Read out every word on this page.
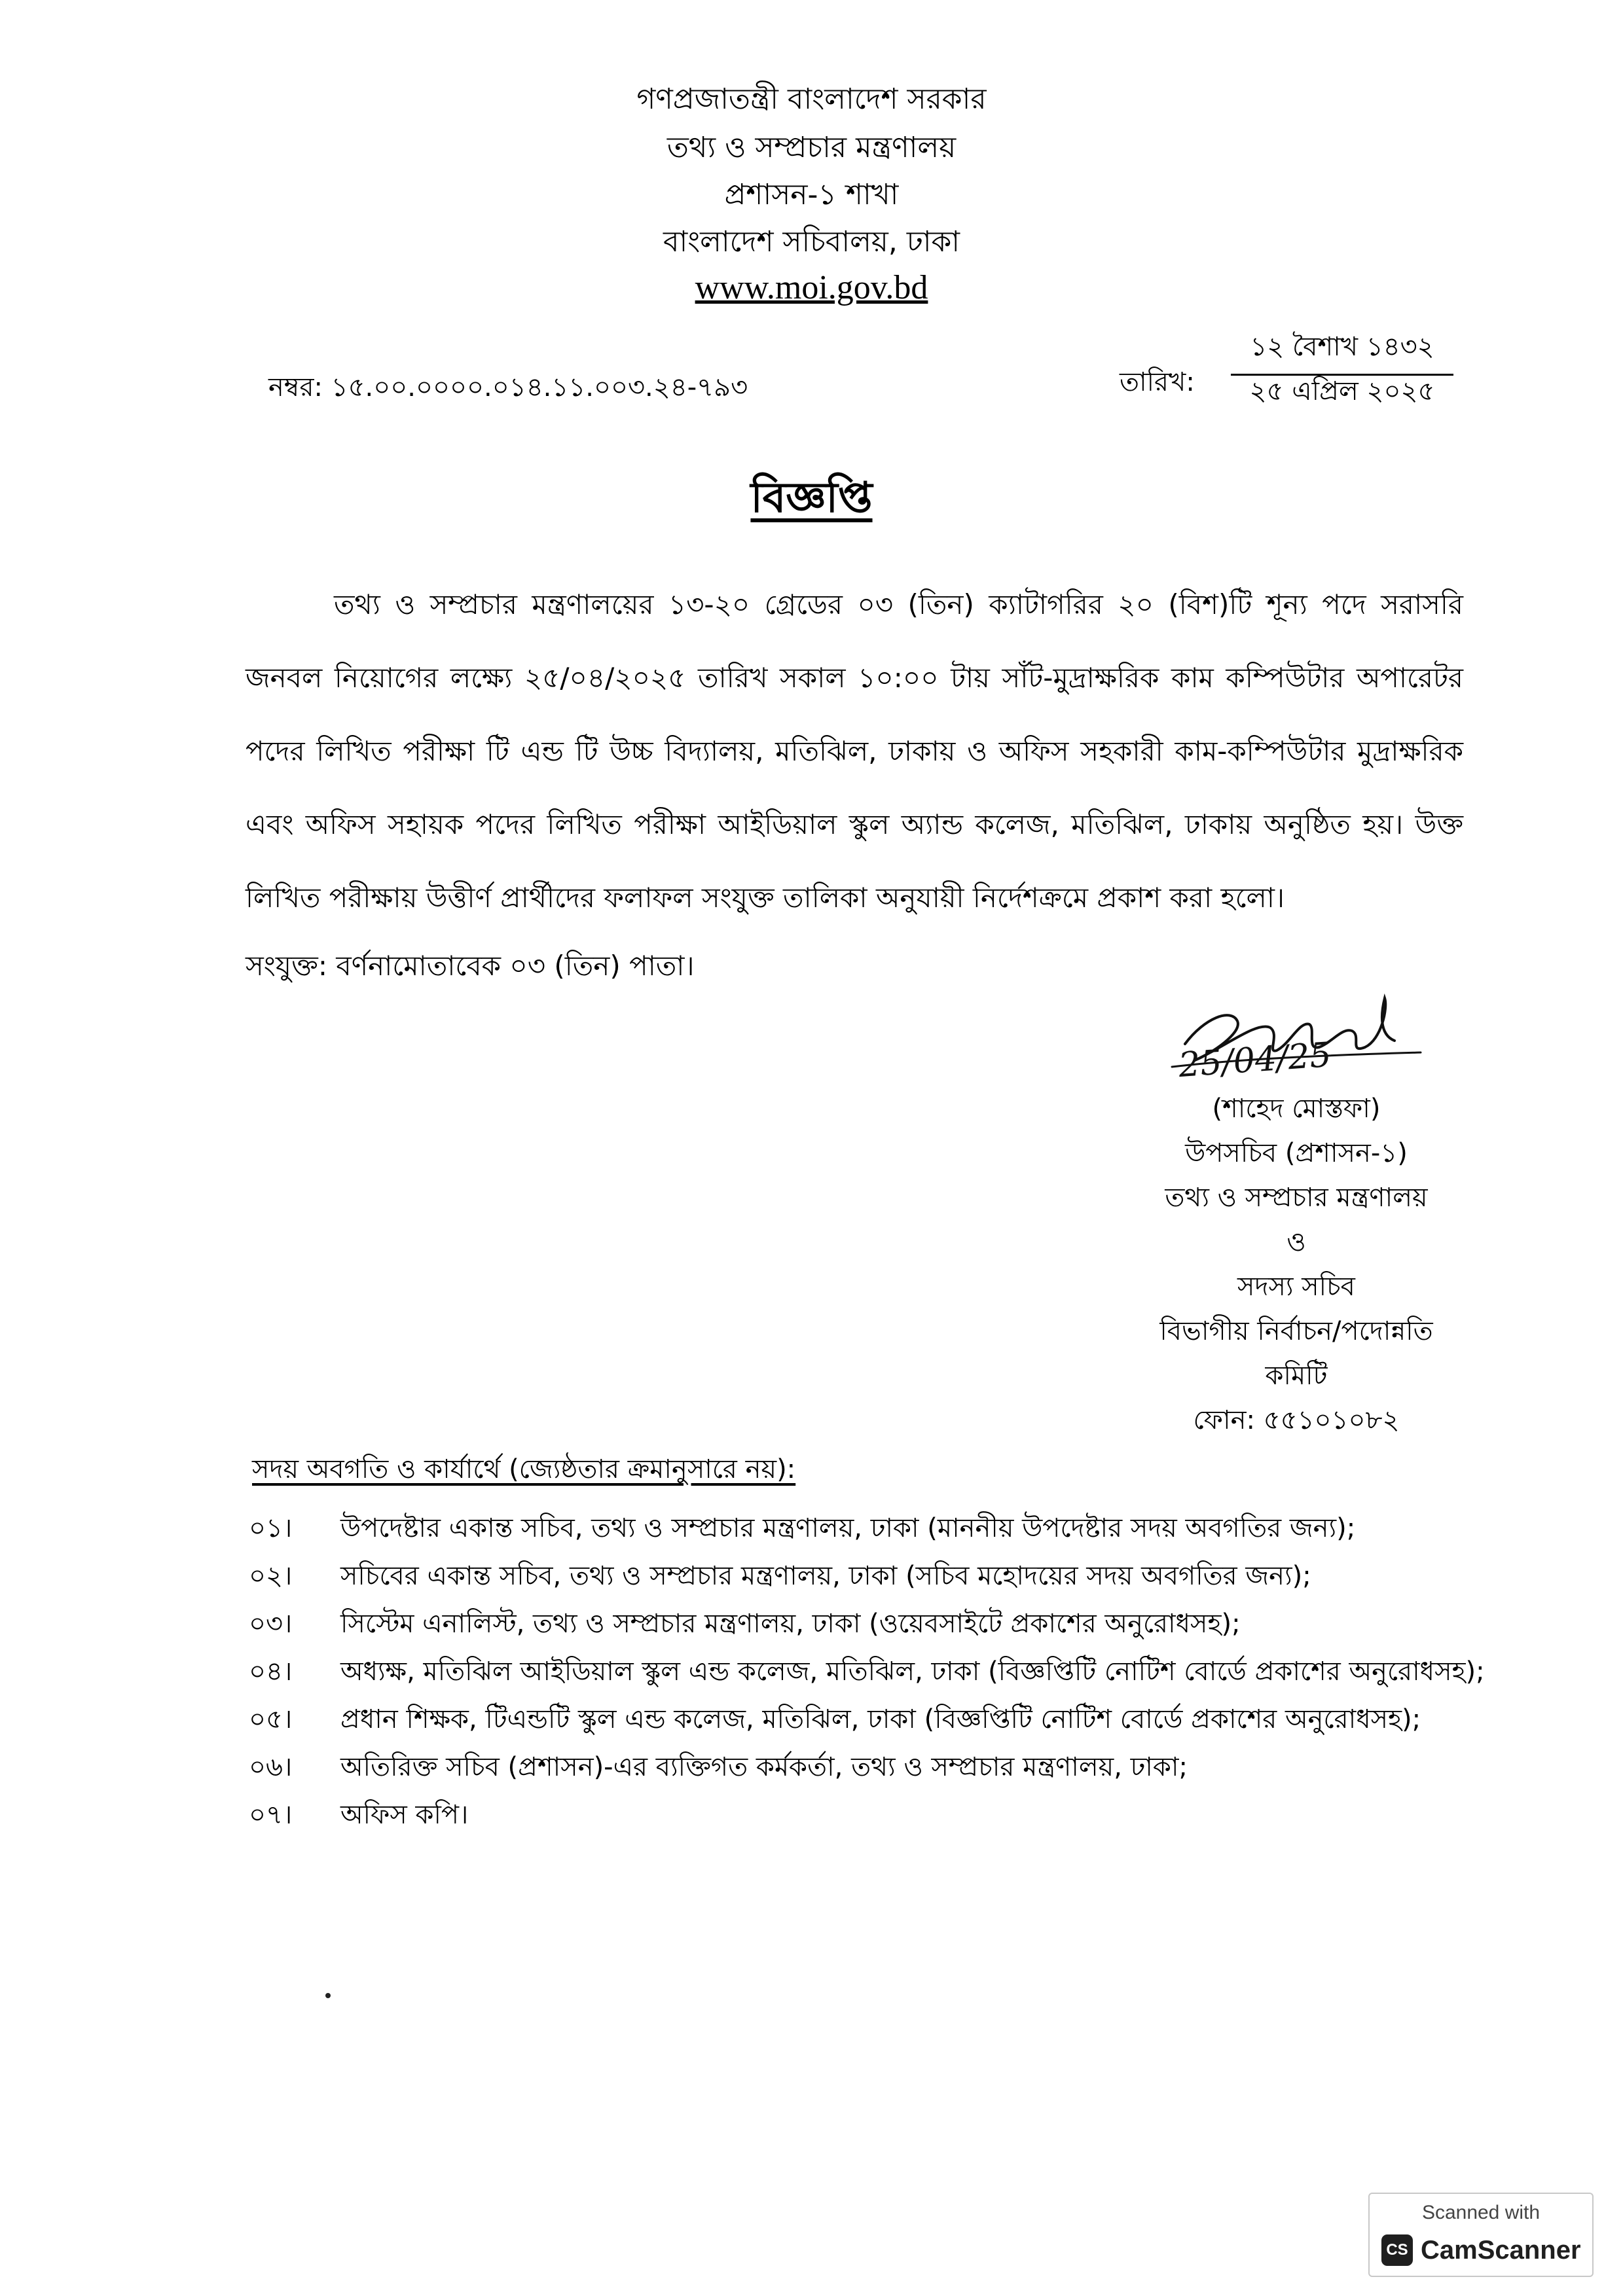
গণপ্রজাতন্ত্রী বাংলাদেশ সরকার
তথ্য ও সম্প্রচার মন্ত্রণালয়
প্রশাসন-১ শাখা
বাংলাদেশ সচিবালয়, ঢাকা
www.moi.gov.bd
নম্বর: ১৫.০০.০০০০.০১৪.১১.০০৩.২৪-৭৯৩	তারিখ:
১২ বৈশাখ ১৪৩২
২৫ এপ্রিল ২০২৫
বিজ্ঞপ্তি
তথ্য ও সম্প্রচার মন্ত্রণালয়ের ১৩-২০ গ্রেডের ০৩ (তিন) ক্যাটাগরির ২০ (বিশ)টি শূন্য পদে সরাসরি জনবল নিয়োগের লক্ষ্যে ২৫/০৪/২০২৫ তারিখ সকাল ১০:০০ টায় সাঁট-মুদ্রাক্ষরিক কাম কম্পিউটার অপারেটর পদের লিখিত পরীক্ষা টি এন্ড টি উচ্চ বিদ্যালয়, মতিঝিল, ঢাকায় ও অফিস সহকারী কাম-কম্পিউটার মুদ্রাক্ষরিক এবং অফিস সহায়ক পদের লিখিত পরীক্ষা আইডিয়াল স্কুল অ্যান্ড কলেজ, মতিঝিল, ঢাকায় অনুষ্ঠিত হয়। উক্ত লিখিত পরীক্ষায় উত্তীর্ণ প্রার্থীদের ফলাফল সংযুক্ত তালিকা অনুযায়ী নির্দেশক্রমে প্রকাশ করা হলো।
সংযুক্ত: বর্ণনামোতাবেক ০৩ (তিন) পাতা।
25/04/25
(শাহেদ মোস্তফা)
উপসচিব (প্রশাসন-১)
তথ্য ও সম্প্রচার মন্ত্রণালয়
ও
সদস্য সচিব
বিভাগীয় নির্বাচন/পদোন্নতি
কমিটি
ফোন: ৫৫১০১০৮২
সদয় অবগতি ও কার্যার্থে (জ্যেষ্ঠতার ক্রমানুসারে নয়):
০১।	উপদেষ্টার একান্ত সচিব, তথ্য ও সম্প্রচার মন্ত্রণালয়, ঢাকা (মাননীয় উপদেষ্টার সদয় অবগতির জন্য);
০২।	সচিবের একান্ত সচিব, তথ্য ও সম্প্রচার মন্ত্রণালয়, ঢাকা (সচিব মহোদয়ের সদয় অবগতির জন্য);
০৩।	সিস্টেম এনালিস্ট, তথ্য ও সম্প্রচার মন্ত্রণালয়, ঢাকা (ওয়েবসাইটে প্রকাশের অনুরোধসহ);
০৪।	অধ্যক্ষ, মতিঝিল আইডিয়াল স্কুল এন্ড কলেজ, মতিঝিল, ঢাকা (বিজ্ঞপ্তিটি নোটিশ বোর্ডে প্রকাশের অনুরোধসহ);
০৫।	প্রধান শিক্ষক, টিএন্ডটি স্কুল এন্ড কলেজ, মতিঝিল, ঢাকা (বিজ্ঞপ্তিটি নোটিশ বোর্ডে প্রকাশের অনুরোধসহ);
০৬।	অতিরিক্ত সচিব (প্রশাসন)-এর ব্যক্তিগত কর্মকর্তা, তথ্য ও সম্প্রচার মন্ত্রণালয়, ঢাকা;
০৭।	অফিস কপি।
Scanned with
CS CamScanner
